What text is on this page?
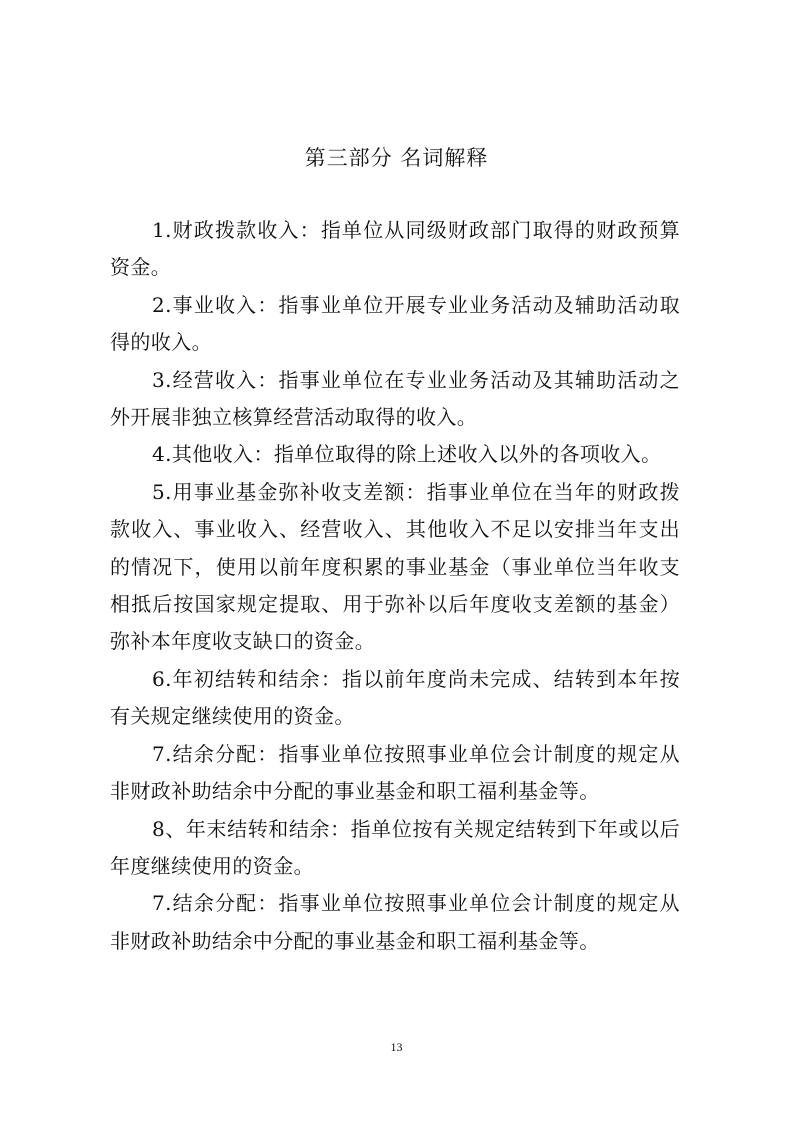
第三部分 名词解释

1.财政拨款收入：指单位从同级财政部门取得的财政预算资金。

2.事业收入：指事业单位开展专业业务活动及辅助活动取得的收入。

3.经营收入：指事业单位在专业业务活动及其辅助活动之外开展非独立核算经营活动取得的收入。

4.其他收入：指单位取得的除上述收入以外的各项收入。

5.用事业基金弥补收支差额：指事业单位在当年的财政拨款收入、事业收入、经营收入、其他收入不足以安排当年支出的情况下，使用以前年度积累的事业基金（事业单位当年收支相抵后按国家规定提取、用于弥补以后年度收支差额的基金）弥补本年度收支缺口的资金。

6.年初结转和结余：指以前年度尚未完成、结转到本年按有关规定继续使用的资金。

7.结余分配：指事业单位按照事业单位会计制度的规定从非财政补助结余中分配的事业基金和职工福利基金等。

8、年末结转和结余：指单位按有关规定结转到下年或以后年度继续使用的资金。

7.结余分配：指事业单位按照事业单位会计制度的规定从非财政补助结余中分配的事业基金和职工福利基金等。

13
